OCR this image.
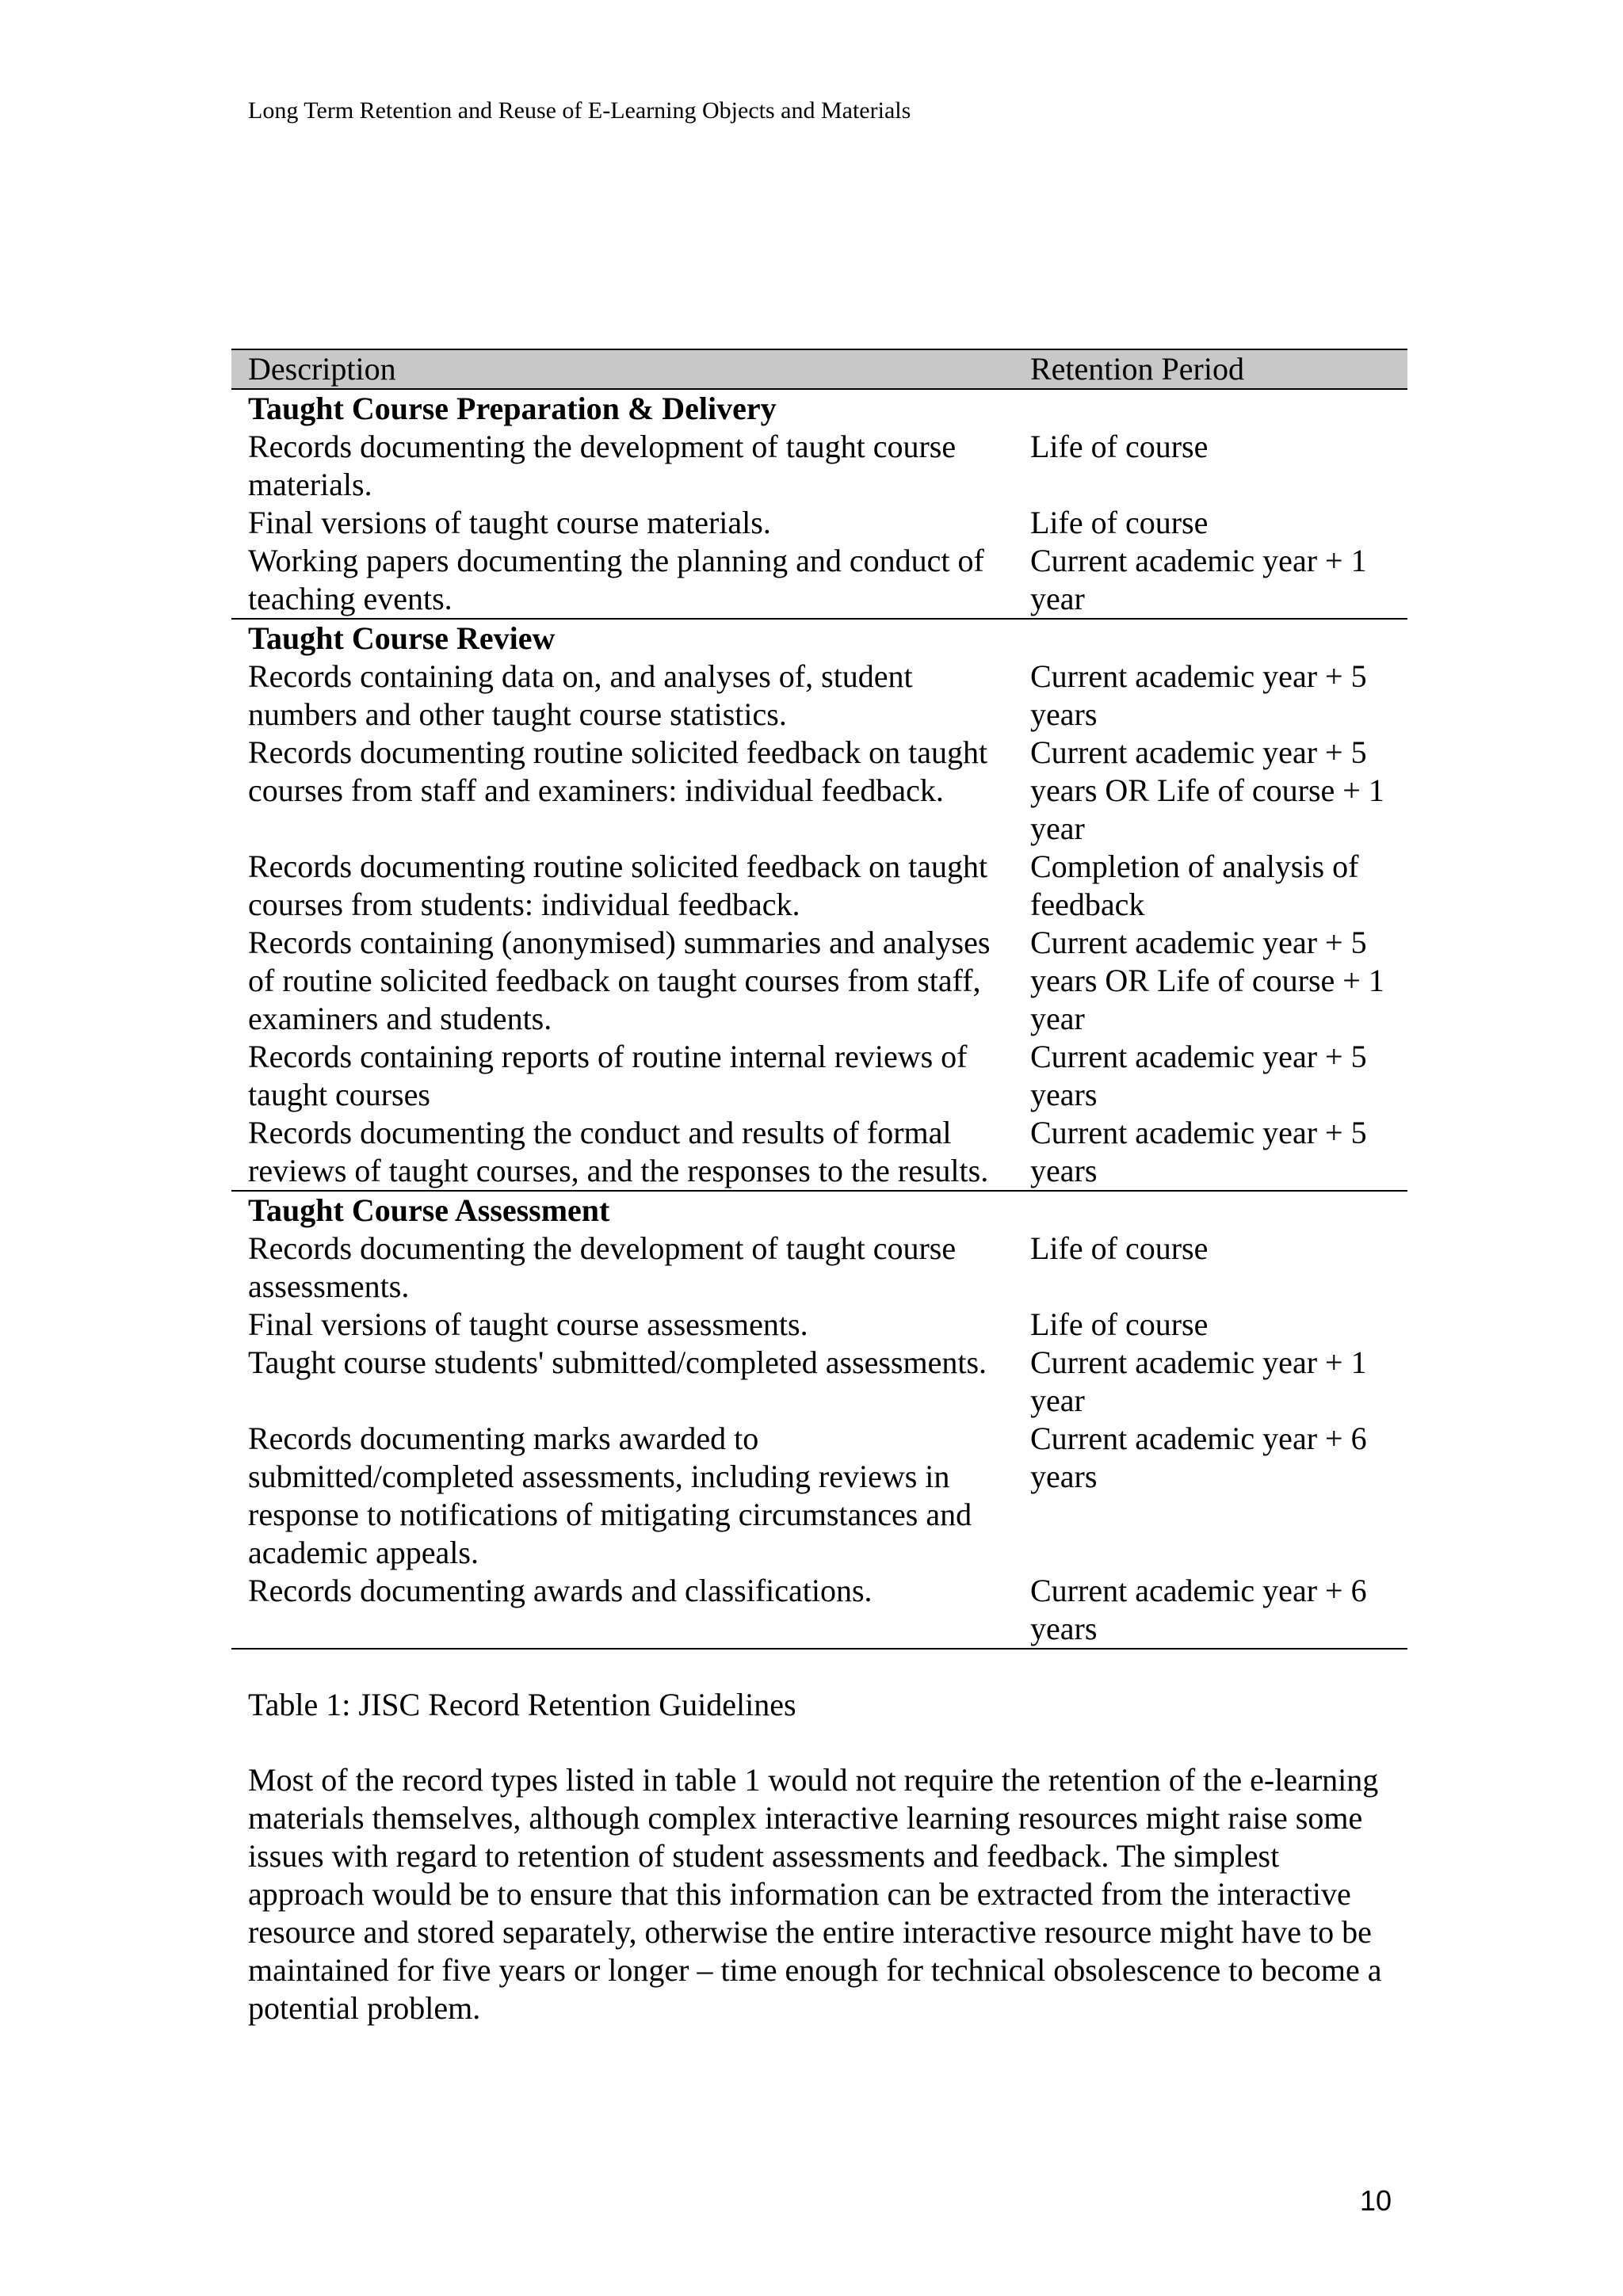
Long Term Retention and Reuse of E-Learning Objects and Materials
Description	Retention Period
Taught Course Preparation & Delivery	
Records documenting the development of taught course materials.	Life of course
Final versions of taught course materials.	Life of course
Working papers documenting the planning and conduct of teaching events.	Current academic year + 1 year
Taught Course Review	
Records containing data on, and analyses of, student numbers and other taught course statistics.	Current academic year + 5 years
Records documenting routine solicited feedback on taught courses from staff and examiners: individual feedback.	Current academic year + 5 years OR Life of course + 1 year
Records documenting routine solicited feedback on taught courses from students: individual feedback.	Completion of analysis of feedback
Records containing (anonymised) summaries and analyses of routine solicited feedback on taught courses from staff, examiners and students.	Current academic year + 5 years OR Life of course + 1 year
Records containing reports of routine internal reviews of taught courses	Current academic year + 5 years
Records documenting the conduct and results of formal reviews of taught courses, and the responses to the results.	Current academic year + 5 years
Taught Course Assessment	
Records documenting the development of taught course assessments.	Life of course
Final versions of taught course assessments.	Life of course
Taught course students' submitted/completed assessments.	Current academic year + 1 year
Records documenting marks awarded to submitted/completed assessments, including reviews in response to notifications of mitigating circumstances and academic appeals.	Current academic year + 6 years
Records documenting awards and classifications.	Current academic year + 6 years
Table 1: JISC Record Retention Guidelines

Most of the record types listed in table 1 would not require the retention of the e-learning materials themselves, although complex interactive learning resources might raise some issues with regard to retention of student assessments and feedback. The simplest approach would be to ensure that this information can be extracted from the interactive resource and stored separately, otherwise the entire interactive resource might have to be maintained for five years or longer – time enough for technical obsolescence to become a potential problem.

10
